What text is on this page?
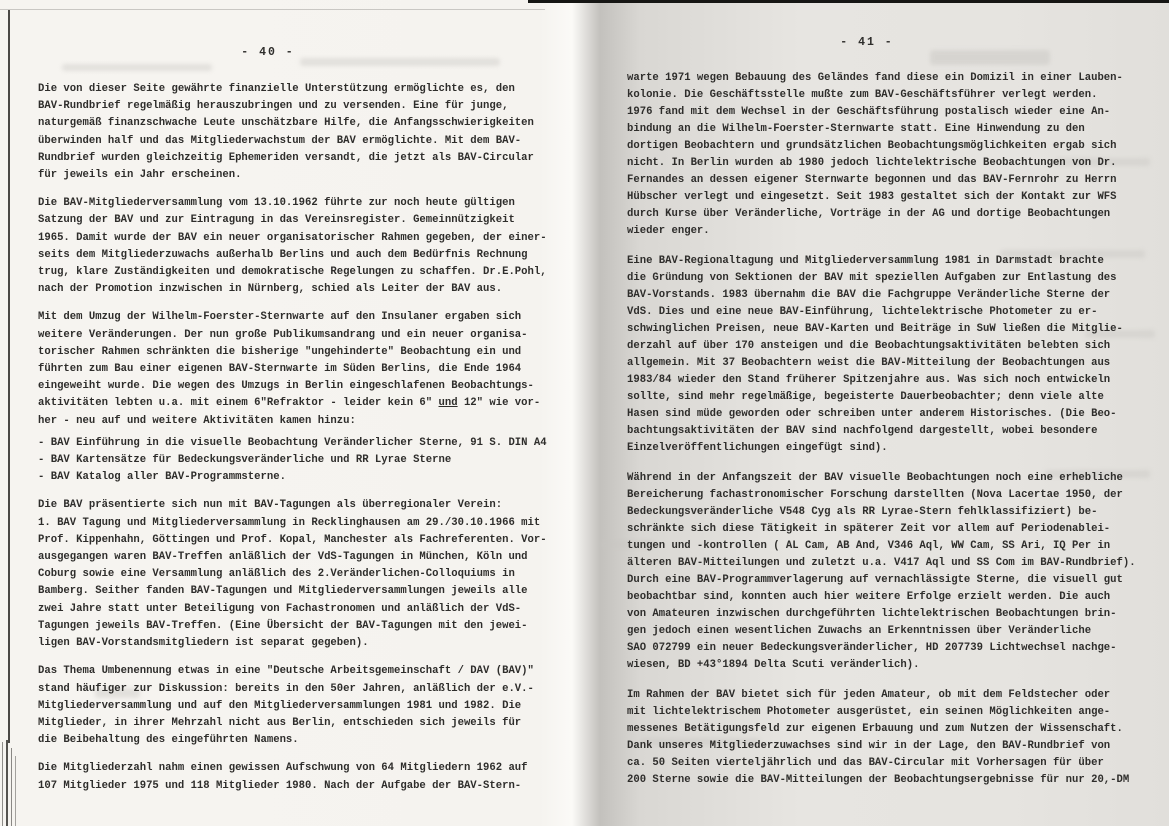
- 40 -
Die von dieser Seite gewährte finanzielle Unterstützung ermöglichte es, den
BAV-Rundbrief regelmäßig herauszubringen und zu versenden. Eine für junge,
naturgemäß finanzschwache Leute unschätzbare Hilfe, die Anfangsschwierigkeiten
überwinden half und das Mitgliederwachstum der BAV ermöglichte. Mit dem BAV-
Rundbrief wurden gleichzeitig Ephemeriden versandt, die jetzt als BAV-Circular
für jeweils ein Jahr erscheinen.
Die BAV-Mitgliederversammlung vom 13.10.1962 führte zur noch heute gültigen
Satzung der BAV und zur Eintragung in das Vereinsregister. Gemeinnützigkeit
1965. Damit wurde der BAV ein neuer organisatorischer Rahmen gegeben, der einer-
seits dem Mitgliederzuwachs außerhalb Berlins und auch dem Bedürfnis Rechnung
trug, klare Zuständigkeiten und demokratische Regelungen zu schaffen. Dr.E.Pohl,
nach der Promotion inzwischen in Nürnberg, schied als Leiter der BAV aus.
Mit dem Umzug der Wilhelm-Foerster-Sternwarte auf den Insulaner ergaben sich
weitere Veränderungen. Der nun große Publikumsandrang und ein neuer organisa-
torischer Rahmen schränkten die bisherige "ungehinderte" Beobachtung ein und
führten zum Bau einer eigenen BAV-Sternwarte im Süden Berlins, die Ende 1964
eingeweiht wurde. Die wegen des Umzugs in Berlin eingeschlafenen Beobachtungs-
aktivitäten lebten u.a. mit einem 6"Refraktor - leider kein 6" und 12" wie vor-
her - neu auf und weitere Aktivitäten kamen hinzu:
- BAV Einführung in die visuelle Beobachtung Veränderlicher Sterne, 91 S. DIN A4
- BAV Kartensätze für Bedeckungsveränderliche und RR Lyrae Sterne
- BAV Katalog aller BAV-Programmsterne.
Die BAV präsentierte sich nun mit BAV-Tagungen als überregionaler Verein:
1. BAV Tagung und Mitgliederversammlung in Recklinghausen am 29./30.10.1966 mit
Prof. Kippenhahn, Göttingen und Prof. Kopal, Manchester als Fachreferenten. Vor-
ausgegangen waren BAV-Treffen anläßlich der VdS-Tagungen in München, Köln und
Coburg sowie eine Versammlung anläßlich des 2.Veränderlichen-Colloquiums in
Bamberg. Seither fanden BAV-Tagungen und Mitgliederversammlungen jeweils alle
zwei Jahre statt unter Beteiligung von Fachastronomen und anläßlich der VdS-
Tagungen jeweils BAV-Treffen. (Eine Übersicht der BAV-Tagungen mit den jewei-
ligen BAV-Vorstandsmitgliedern ist separat gegeben).
Das Thema Umbenennung etwas in eine "Deutsche Arbeitsgemeinschaft / DAV (BAV)"
stand häufiger zur Diskussion: bereits in den 50er Jahren, anläßlich der e.V.-
Mitgliederversammlung und auf den Mitgliederversammlungen 1981 und 1982. Die
Mitglieder, in ihrer Mehrzahl nicht aus Berlin, entschieden sich jeweils für
die Beibehaltung des eingeführten Namens.
Die Mitgliederzahl nahm einen gewissen Aufschwung von 64 Mitgliedern 1962 auf
107 Mitglieder 1975 und 118 Mitglieder 1980. Nach der Aufgabe der BAV-Stern-
- 41 -
warte 1971 wegen Bebauung des Geländes fand diese ein Domizil in einer Lauben-
kolonie. Die Geschäftsstelle mußte zum BAV-Geschäftsführer verlegt werden.
1976 fand mit dem Wechsel in der Geschäftsführung postalisch wieder eine An-
bindung an die Wilhelm-Foerster-Sternwarte statt. Eine Hinwendung zu den
dortigen Beobachtern und grundsätzlichen Beobachtungsmöglichkeiten ergab sich
nicht. In Berlin wurden ab 1980 jedoch lichtelektrische Beobachtungen von Dr.
Fernandes an dessen eigener Sternwarte begonnen und das BAV-Fernrohr zu Herrn
Hübscher verlegt und eingesetzt. Seit 1983 gestaltet sich der Kontakt zur WFS
durch Kurse über Veränderliche, Vorträge in der AG und dortige Beobachtungen
wieder enger.
Eine BAV-Regionaltagung und Mitgliederversammlung 1981 in Darmstadt brachte
die Gründung von Sektionen der BAV mit speziellen Aufgaben zur Entlastung des
BAV-Vorstands. 1983 übernahm die BAV die Fachgruppe Veränderliche Sterne der
VdS. Dies und eine neue BAV-Einführung, lichtelektrische Photometer zu er-
schwinglichen Preisen, neue BAV-Karten und Beiträge in SuW ließen die Mitglie-
derzahl auf über 170 ansteigen und die Beobachtungsaktivitäten belebten sich
allgemein. Mit 37 Beobachtern weist die BAV-Mitteilung der Beobachtungen aus
1983/84 wieder den Stand früherer Spitzenjahre aus. Was sich noch entwickeln
sollte, sind mehr regelmäßige, begeisterte Dauerbeobachter; denn viele alte
Hasen sind müde geworden oder schreiben unter anderem Historisches. (Die Beo-
bachtungsaktivitäten der BAV sind nachfolgend dargestellt, wobei besondere
Einzelveröffentlichungen eingefügt sind).
Während in der Anfangszeit der BAV visuelle Beobachtungen noch eine erhebliche
Bereicherung fachastronomischer Forschung darstellten (Nova Lacertae 1950, der
Bedeckungsveränderliche V548 Cyg als RR Lyrae-Stern fehlklassifiziert) be-
schränkte sich diese Tätigkeit in späterer Zeit vor allem auf Periodenablei-
tungen und -kontrollen ( AL Cam, AB And, V346 Aql, WW Cam, SS Ari, IQ Per in
älteren BAV-Mitteilungen und zuletzt u.a. V417 Aql und SS Com im BAV-Rundbrief).
Durch eine BAV-Programmverlagerung auf vernachlässigte Sterne, die visuell gut
beobachtbar sind, konnten auch hier weitere Erfolge erzielt werden. Die auch
von Amateuren inzwischen durchgeführten lichtelektrischen Beobachtungen brin-
gen jedoch einen wesentlichen Zuwachs an Erkenntnissen über Veränderliche
SAO 072799 ein neuer Bedeckungsveränderlicher, HD 207739 Lichtwechsel nachge-
wiesen, BD +43°1894 Delta Scuti veränderlich).
Im Rahmen der BAV bietet sich für jeden Amateur, ob mit dem Feldstecher oder
mit lichtelektrischem Photometer ausgerüstet, ein seinen Möglichkeiten ange-
messenes Betätigungsfeld zur eigenen Erbauung und zum Nutzen der Wissenschaft.
Dank unseres Mitgliederzuwachses sind wir in der Lage, den BAV-Rundbrief von
ca. 50 Seiten vierteljährlich und das BAV-Circular mit Vorhersagen für über
200 Sterne sowie die BAV-Mitteilungen der Beobachtungsergebnisse für nur 20,-DM
